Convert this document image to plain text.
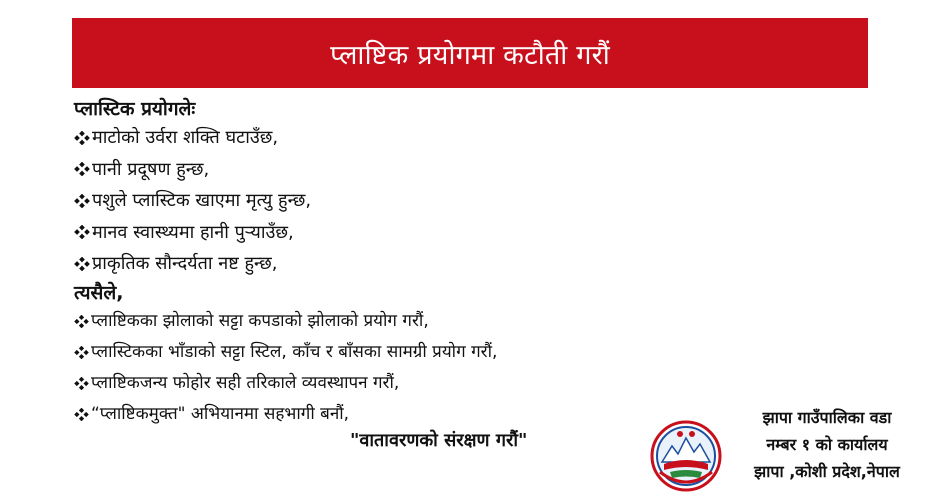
प्लाष्टिक प्रयोगमा कटौती गरौं

प्लास्टिक प्रयोगलेः

माटोको उर्वरा शक्ति घटाउँछ,
पानी प्रदूषण हुन्छ,
पशुले प्लास्टिक खाएमा मृत्यु हुन्छ,
मानव स्वास्थ्यमा हानी पुर्‍याउँछ,
प्राकृतिक सौन्दर्यता नष्ट हुन्छ,

त्यसैले,

प्लाष्टिकका झोलाको सट्टा कपडाको झोलाको प्रयोग गरौं,
प्लास्टिकका भाँडाको सट्टा स्टिल, काँच र बाँसका सामग्री प्रयोग गरौं,
प्लाष्टिकजन्य फोहोर सही तरिकाले व्यवस्थापन गरौं,
“प्लाष्टिकमुक्त" अभियानमा सहभागी बनौं,
"वातावरणको संरक्षण गरौं"
झापा गाउँपालिका वडा
नम्बर १ को कार्यालय
झापा ,कोशी प्रदेश,नेपाल
